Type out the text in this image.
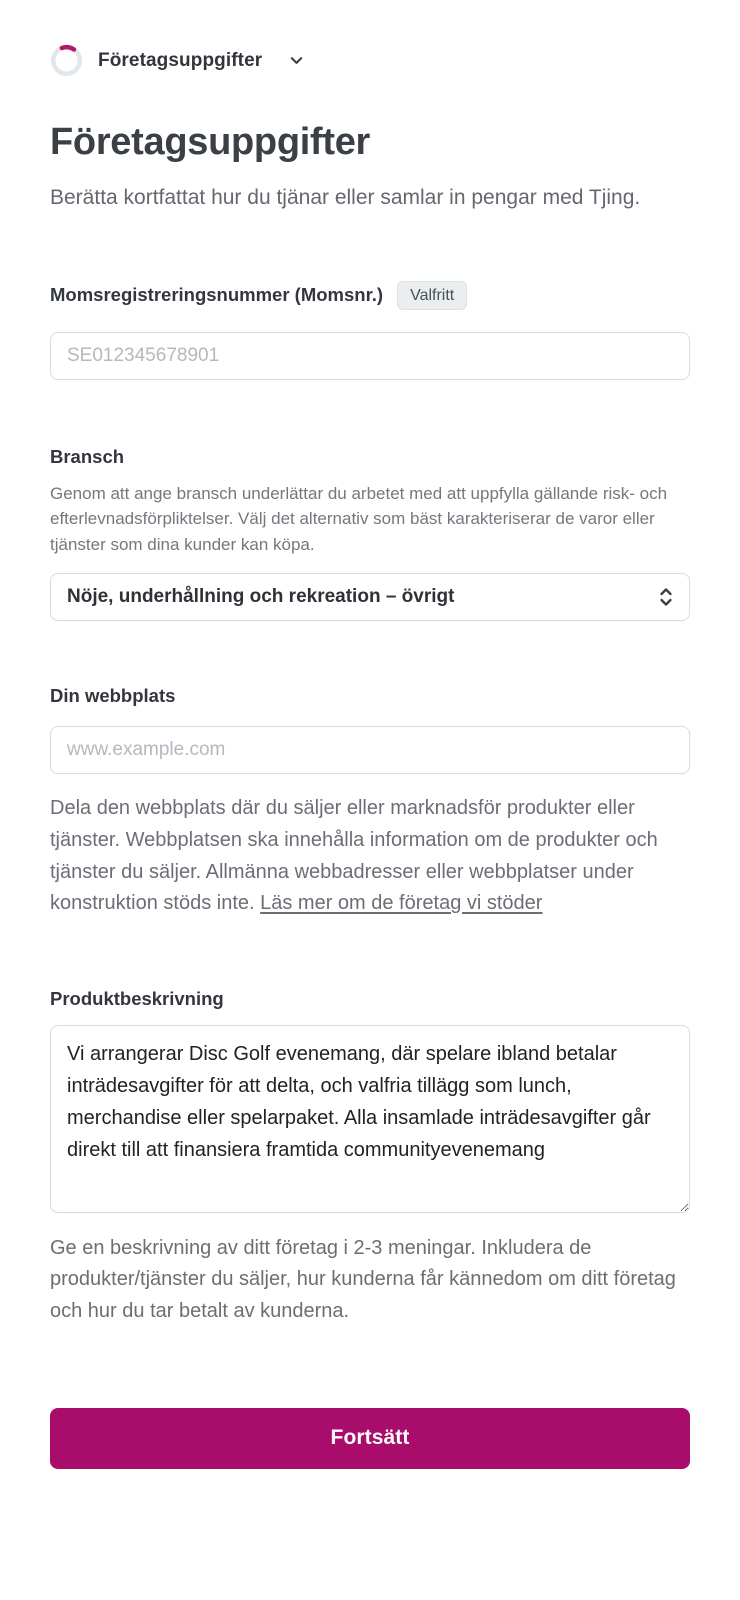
Företagsuppgifter
Företagsuppgifter

Berätta kortfattat hur du tjänar eller samlar in pengar med Tjing.

Momsregistreringsnummer (Momsnr.)	Valfritt
SE012345678901
Bransch

Genom att ange bransch underlättar du arbetet med att uppfylla gällande risk- och efterlevnadsförpliktelser. Välj det alternativ som bäst karakteriserar de varor eller tjänster som dina kunder kan köpa.

Nöje, underhållning och rekreation – övrigt
Din webbplats
www.example.com

Dela den webbplats där du säljer eller marknadsför produkter eller tjänster. Webbplatsen ska innehålla information om de produkter och tjänster du säljer. Allmänna webbadresser eller webbplatser under konstruktion stöds inte. Läs mer om de företag vi stöder

Produktbeskrivning
Vi arrangerar Disc Golf evenemang, där spelare ibland betalar inträdesavgifter för att delta, och valfria tillägg som lunch, merchandise eller spelarpaket. Alla insamlade inträdesavgifter går direkt till att finansiera framtida communityevenemang

Ge en beskrivning av ditt företag i 2-3 meningar. Inkludera de produkter/tjänster du säljer, hur kunderna får kännedom om ditt företag och hur du tar betalt av kunderna.

Fortsätt
